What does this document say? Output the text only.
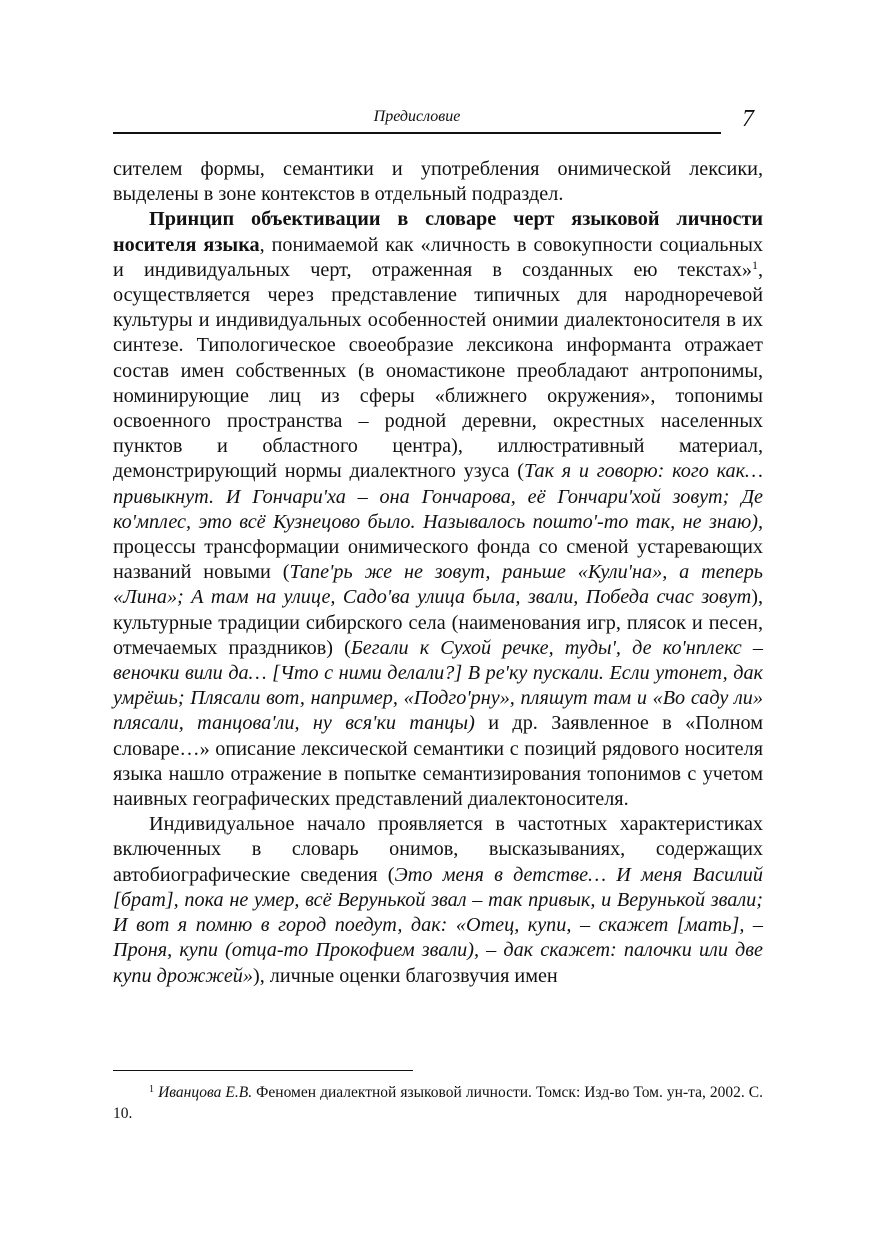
Предисловие	7

сителем формы, семантики и употребления онимической лексики, выделены в зоне контекстов в отдельный подраздел.

Принцип объективации в словаре черт языковой личности носителя языка, понимаемой как «личность в совокупности социальных и индивидуальных черт, отраженная в созданных ею текстах»$^1$, осуществляется через представление типичных для народноречевой культуры и индивидуальных особенностей онимии диалектоносителя в их синтезе. Типологическое своеобразие лексикона информанта отражает состав имен собственных (в ономастиконе преобладают антропонимы, номинирующие лиц из сферы «ближнего окружения», топонимы освоенного пространства – родной деревни, окрестных населенных пунктов и областного центра), иллюстративный материал, демонстрирующий нормы диалектного узуса (Так я и говорю: кого как… привыкнут. И Гончари'ха – она Гончарова, её Гончари'хой зовут; Де ко'мплес, это всё Кузнецово было. Называлось пошто'-то так, не знаю), процессы трансформации онимического фонда со сменой устаревающих названий новыми (Тапе'рь же не зовут, раньше «Кули'на», а теперь «Лина»; А там на улице, Садо'ва улица была, звали, Победа счас зовут), культурные традиции сибирского села (наименования игр, плясок и песен, отмечаемых праздников) (Бегали к Сухой речке, туды', де ко'нплекс – веночки вили да… [Что с ними делали?] В ре'ку пускали. Если утонет, дак умрёшь; Плясали вот, например, «Подго'рну», пляшут там и «Во саду ли» плясали, танцова'ли, ну вся'ки танцы) и др. Заявленное в «Полном словаре…» описание лексической семантики с позиций рядового носителя языка нашло отражение в попытке семантизирования топонимов с учетом наивных географических представлений диалектоносителя.

Индивидуальное начало проявляется в частотных характеристиках включенных в словарь онимов, высказываниях, содержащих автобиографические сведения (Это меня в детстве… И меня Василий [брат], пока не умер, всё Верунькой звал – так привык, и Верунькой звали; И вот я помню в город поедут, дак: «Отец, купи, – скажет [мать], – Проня, купи (отца-то Прокофием звали), – дак скажет: палочки или две купи дрожжей»), личные оценки благозвучия имен

$^1$ Иванцова Е.В. Феномен диалектной языковой личности. Томск: Изд-во Том. ун-та, 2002. С. 10.
